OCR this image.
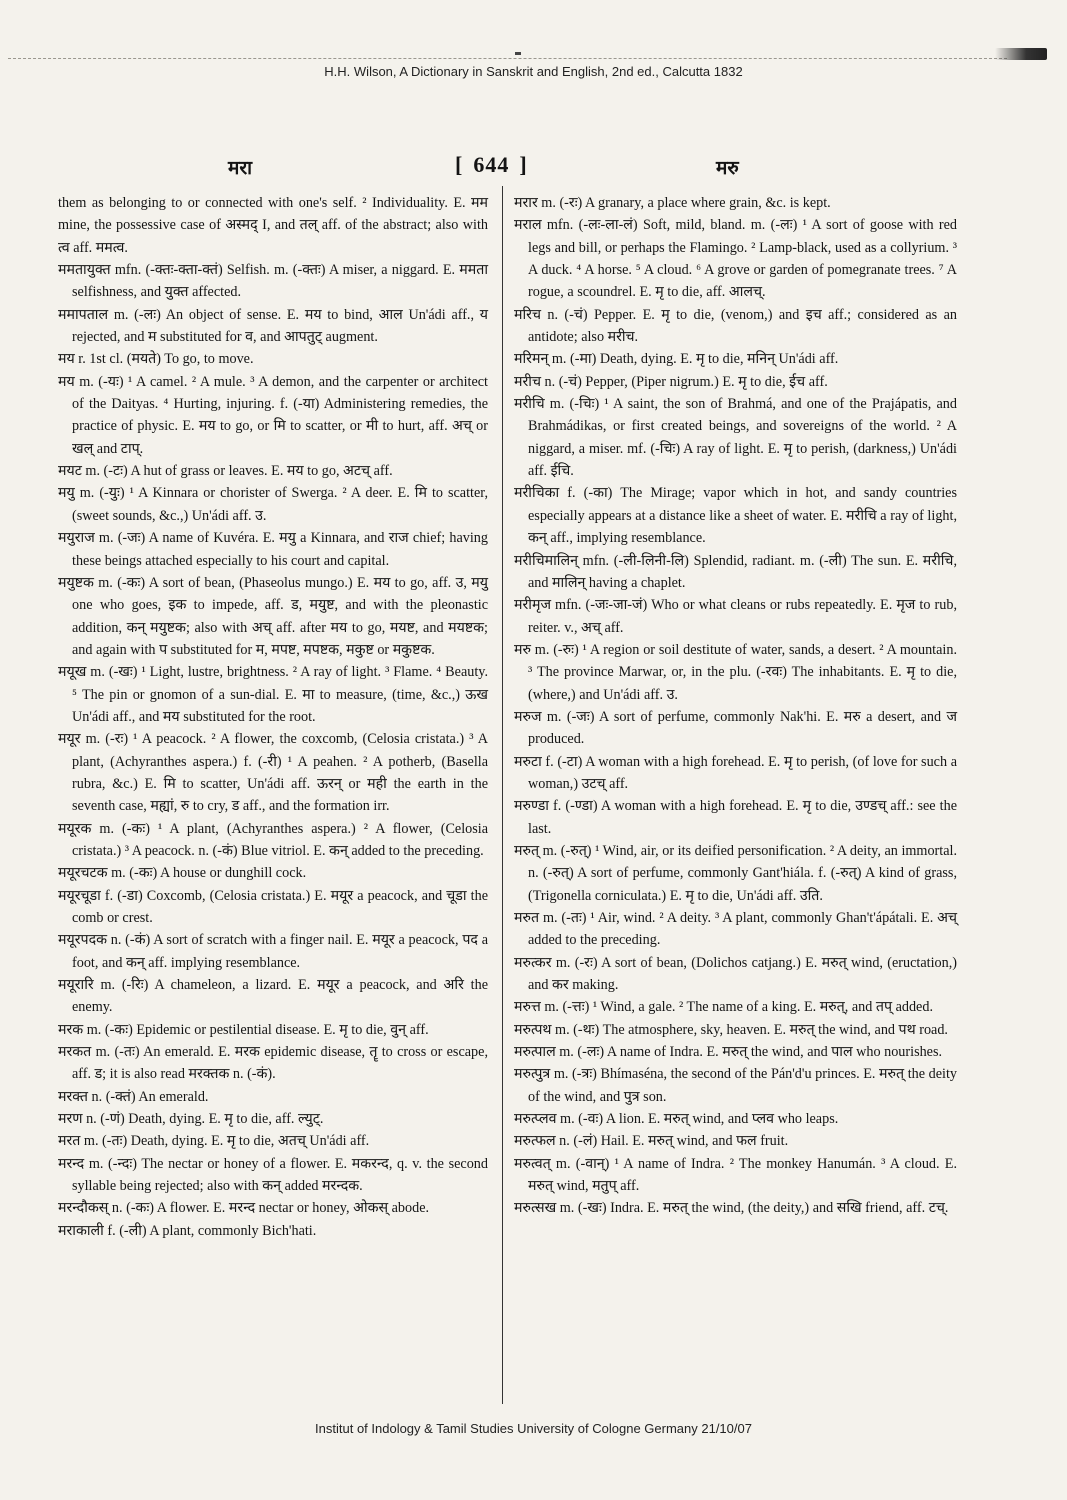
H.H. Wilson, A Dictionary in Sanskrit and English, 2nd ed., Calcutta 1832
मरा	[ 644 ]	मरु

them as belonging to or connected with one's self. ² Individuality. E. मम mine, the possessive case of अस्मद् I, and तल् aff. of the abstract; also with त्व aff. ममत्व.

ममतायुक्त mfn. (-क्तः-क्ता-क्तं) Selfish. m. (-क्तः) A miser, a niggard. E. ममता selfishness, and युक्त affected.

ममापताल m. (-लः) An object of sense. E. मय to bind, आल Un'ádi aff., य rejected, and म substituted for व, and आपतुट् augment.

मय r. 1st cl. (मयते) To go, to move.

मय m. (-यः) ¹ A camel. ² A mule. ³ A demon, and the carpenter or architect of the Daityas. ⁴ Hurting, injuring. f. (-या) Administering remedies, the practice of physic. E. मय to go, or मि to scatter, or मी to hurt, aff. अच् or खल् and टाप्.

मयट m. (-टः) A hut of grass or leaves. E. मय to go, अटच् aff.

मयु m. (-युः) ¹ A Kinnara or chorister of Swerga. ² A deer. E. मि to scatter, (sweet sounds, &c.,) Un'ádi aff. उ.

मयुराज m. (-जः) A name of Kuvéra. E. मयु a Kinnara, and राज chief; having these beings attached especially to his court and capital.

मयुष्टक m. (-कः) A sort of bean, (Phaseolus mungo.) E. मय to go, aff. उ, मयु one who goes, इक to impede, aff. ड, मयुष्ट, and with the pleonastic addition, कन् मयुष्टक; also with अच् aff. after मय to go, मयष्ट, and मयष्टक; and again with प substituted for म, मपष्ट, मपष्टक, मकुष्ट or मकुष्टक.

मयूख m. (-खः) ¹ Light, lustre, brightness. ² A ray of light. ³ Flame. ⁴ Beauty. ⁵ The pin or gnomon of a sun-dial. E. मा to measure, (time, &c.,) ऊख Un'ádi aff., and मय substituted for the root.

मयूर m. (-रः) ¹ A peacock. ² A flower, the coxcomb, (Celosia cristata.) ³ A plant, (Achyranthes aspera.) f. (-री) ¹ A peahen. ² A potherb, (Basella rubra, &c.) E. मि to scatter, Un'ádi aff. ऊरन् or मही the earth in the seventh case, मह्यां, रु to cry, ड aff., and the formation irr.

मयूरक m. (-कः) ¹ A plant, (Achyranthes aspera.) ² A flower, (Celosia cristata.) ³ A peacock. n. (-कं) Blue vitriol. E. कन् added to the preceding.

मयूरचटक m. (-कः) A house or dunghill cock.

मयूरचूडा f. (-डा) Coxcomb, (Celosia cristata.) E. मयूर a peacock, and चूडा the comb or crest.

मयूरपदक n. (-कं) A sort of scratch with a finger nail. E. मयूर a peacock, पद a foot, and कन् aff. implying resemblance.

मयूरारि m. (-रिः) A chameleon, a lizard. E. मयूर a peacock, and अरि the enemy.

मरक m. (-कः) Epidemic or pestilential disease. E. मृ to die, वुन् aff.

मरकत m. (-तः) An emerald. E. मरक epidemic disease, तॄ to cross or escape, aff. ड; it is also read मरक्तक n. (-कं).

मरक्त n. (-क्तं) An emerald.

मरण n. (-णं) Death, dying. E. मृ to die, aff. ल्युट्.

मरत m. (-तः) Death, dying. E. मृ to die, अतच् Un'ádi aff.

मरन्द m. (-न्दः) The nectar or honey of a flower. E. मकरन्द, q. v. the second syllable being rejected; also with कन् added मरन्दक.

मरन्दौकस् n. (-कः) A flower. E. मरन्द nectar or honey, ओकस् abode.

मराकाली f. (-ली) A plant, commonly Bich'hati.

मरार m. (-रः) A granary, a place where grain, &c. is kept.

मराल mfn. (-लः-ला-लं) Soft, mild, bland. m. (-लः) ¹ A sort of goose with red legs and bill, or perhaps the Flamingo. ² Lamp-black, used as a collyrium. ³ A duck. ⁴ A horse. ⁵ A cloud. ⁶ A grove or garden of pomegranate trees. ⁷ A rogue, a scoundrel. E. मृ to die, aff. आलच्.

मरिच n. (-चं) Pepper. E. मृ to die, (venom,) and इच aff.; considered as an antidote; also मरीच.

मरिमन् m. (-मा) Death, dying. E. मृ to die, मनिन् Un'ádi aff.

मरीच n. (-चं) Pepper, (Piper nigrum.) E. मृ to die, ईच aff.

मरीचि m. (-चिः) ¹ A saint, the son of Brahmá, and one of the Prajápatis, and Brahmádikas, or first created beings, and sovereigns of the world. ² A niggard, a miser. mf. (-चिः) A ray of light. E. मृ to perish, (darkness,) Un'ádi aff. ईचि.

मरीचिका f. (-का) The Mirage; vapor which in hot, and sandy countries especially appears at a distance like a sheet of water. E. मरीचि a ray of light, कन् aff., implying resemblance.

मरीचिमालिन् mfn. (-ली-लिनी-लि) Splendid, radiant. m. (-ली) The sun. E. मरीचि, and मालिन् having a chaplet.

मरीमृज mfn. (-जः-जा-जं) Who or what cleans or rubs repeatedly. E. मृज to rub, reiter. v., अच् aff.

मरु m. (-रुः) ¹ A region or soil destitute of water, sands, a desert. ² A mountain. ³ The province Marwar, or, in the plu. (-रवः) The inhabitants. E. मृ to die, (where,) and Un'ádi aff. उ.

मरुज m. (-जः) A sort of perfume, commonly Nak'hi. E. मरु a desert, and ज produced.

मरुटा f. (-टा) A woman with a high forehead. E. मृ to perish, (of love for such a woman,) उटच् aff.

मरुण्डा f. (-ण्डा) A woman with a high forehead. E. मृ to die, उण्डच् aff.: see the last.

मरुत् m. (-रुत्) ¹ Wind, air, or its deified personification. ² A deity, an immortal. n. (-रुत्) A sort of perfume, commonly Gant'hiála. f. (-रुत्) A kind of grass, (Trigonella corniculata.) E. मृ to die, Un'ádi aff. उति.

मरुत m. (-तः) ¹ Air, wind. ² A deity. ³ A plant, commonly Ghan't'ápátali. E. अच् added to the preceding.

मरुत्कर m. (-रः) A sort of bean, (Dolichos catjang.) E. मरुत् wind, (eructation,) and कर making.

मरुत्त m. (-त्तः) ¹ Wind, a gale. ² The name of a king. E. मरुत्, and तप् added.

मरुत्पथ m. (-थः) The atmosphere, sky, heaven. E. मरुत् the wind, and पथ road.

मरुत्पाल m. (-लः) A name of Indra. E. मरुत् the wind, and पाल who nourishes.

मरुत्पुत्र m. (-त्रः) Bhímaséna, the second of the Pán'd'u princes. E. मरुत् the deity of the wind, and पुत्र son.

मरुत्प्लव m. (-वः) A lion. E. मरुत् wind, and प्लव who leaps.

मरुत्फल n. (-लं) Hail. E. मरुत् wind, and फल fruit.

मरुत्वत् m. (-वान्) ¹ A name of Indra. ² The monkey Hanumán. ³ A cloud. E. मरुत् wind, मतुप् aff.

मरुत्सख m. (-खः) Indra. E. मरुत् the wind, (the deity,) and सखि friend, aff. टच्.

Institut of Indology & Tamil Studies University of Cologne Germany 21/10/07
